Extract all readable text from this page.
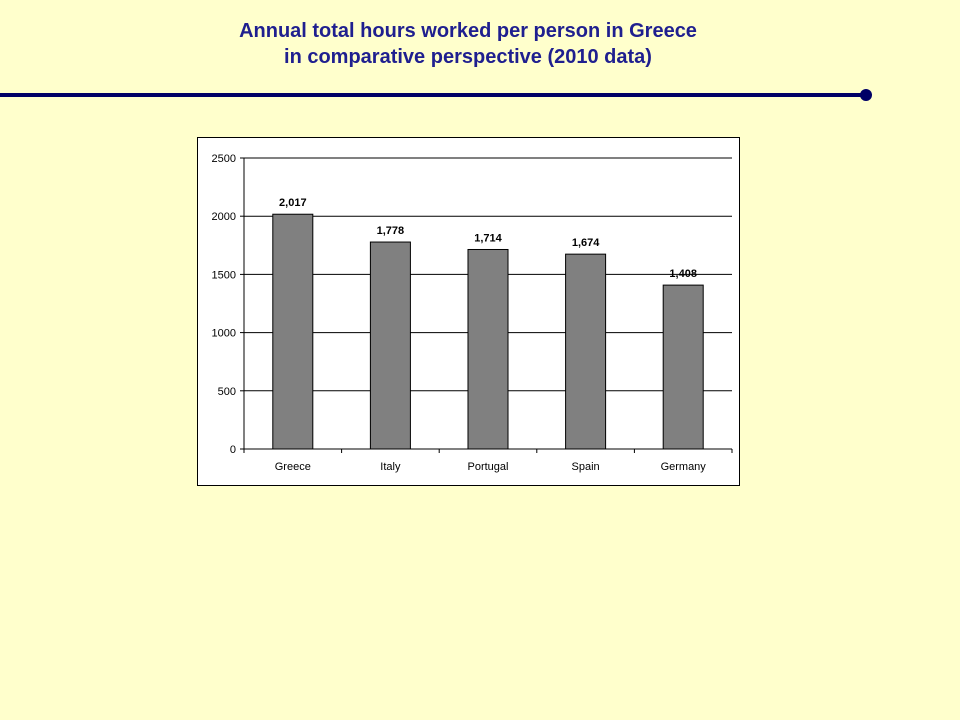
Annual total hours worked per person in Greece
in comparative perspective (2010 data)
0
500
1000
1500
2000
2500
2,017
Greece
1,778
Italy
1,714
Portugal
1,674
Spain
1,408
Germany
